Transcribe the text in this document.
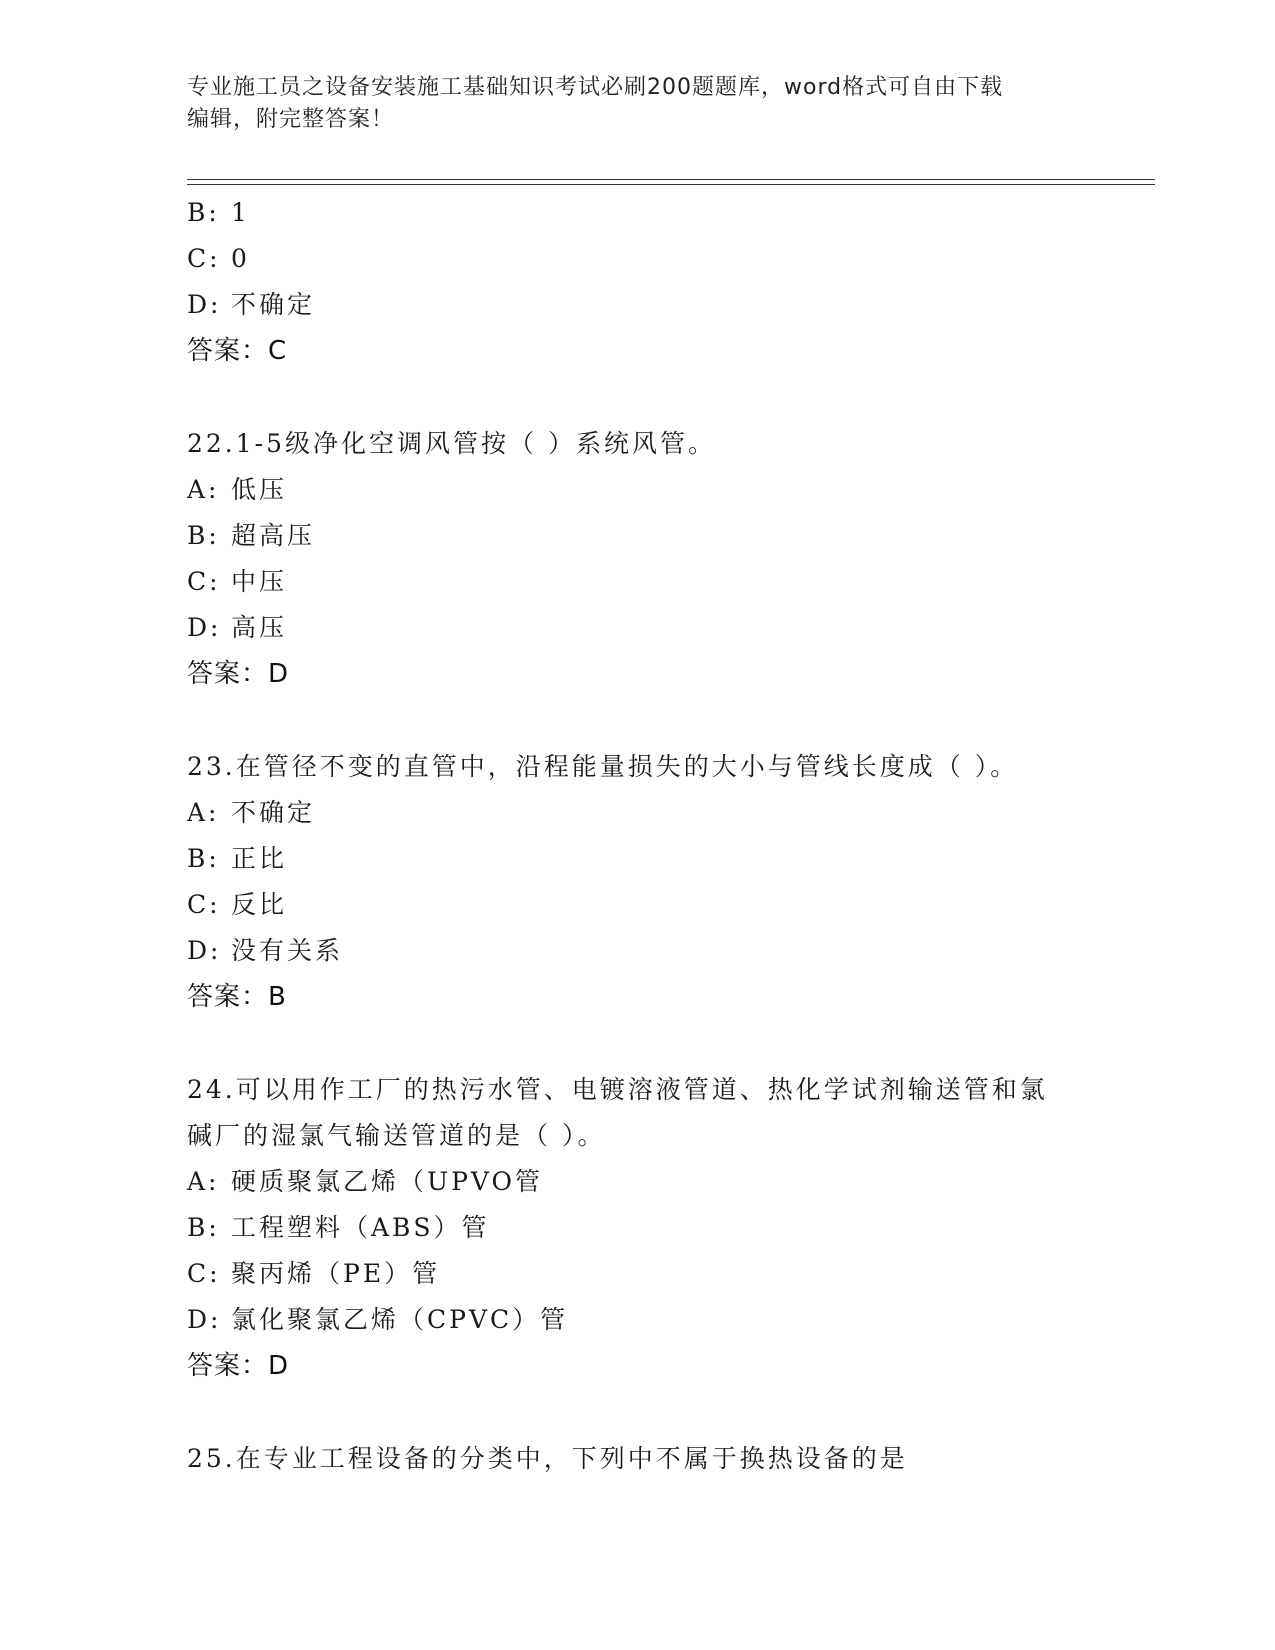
专业施工员之设备安装施工基础知识考试必刷200题题库，word格式可自由下载
编辑，附完整答案！
B: 1
C: 0
D: 不确定
答案：C
22.1-5级净化空调风管按（ ）系统风管。
A: 低压
B: 超高压
C: 中压
D: 高压
答案：D
23.在管径不变的直管中，沿程能量损失的大小与管线长度成（ ）。
A: 不确定
B: 正比
C: 反比
D: 没有关系
答案：B
24.可以用作工厂的热污水管、电镀溶液管道、热化学试剂输送管和氯
碱厂的湿氯气输送管道的是（ ）。
A: 硬质聚氯乙烯（UPVO管
B: 工程塑料（ABS）管
C: 聚丙烯（PE）管
D: 氯化聚氯乙烯（CPVC）管
答案：D
25.在专业工程设备的分类中，下列中不属于换热设备的是
